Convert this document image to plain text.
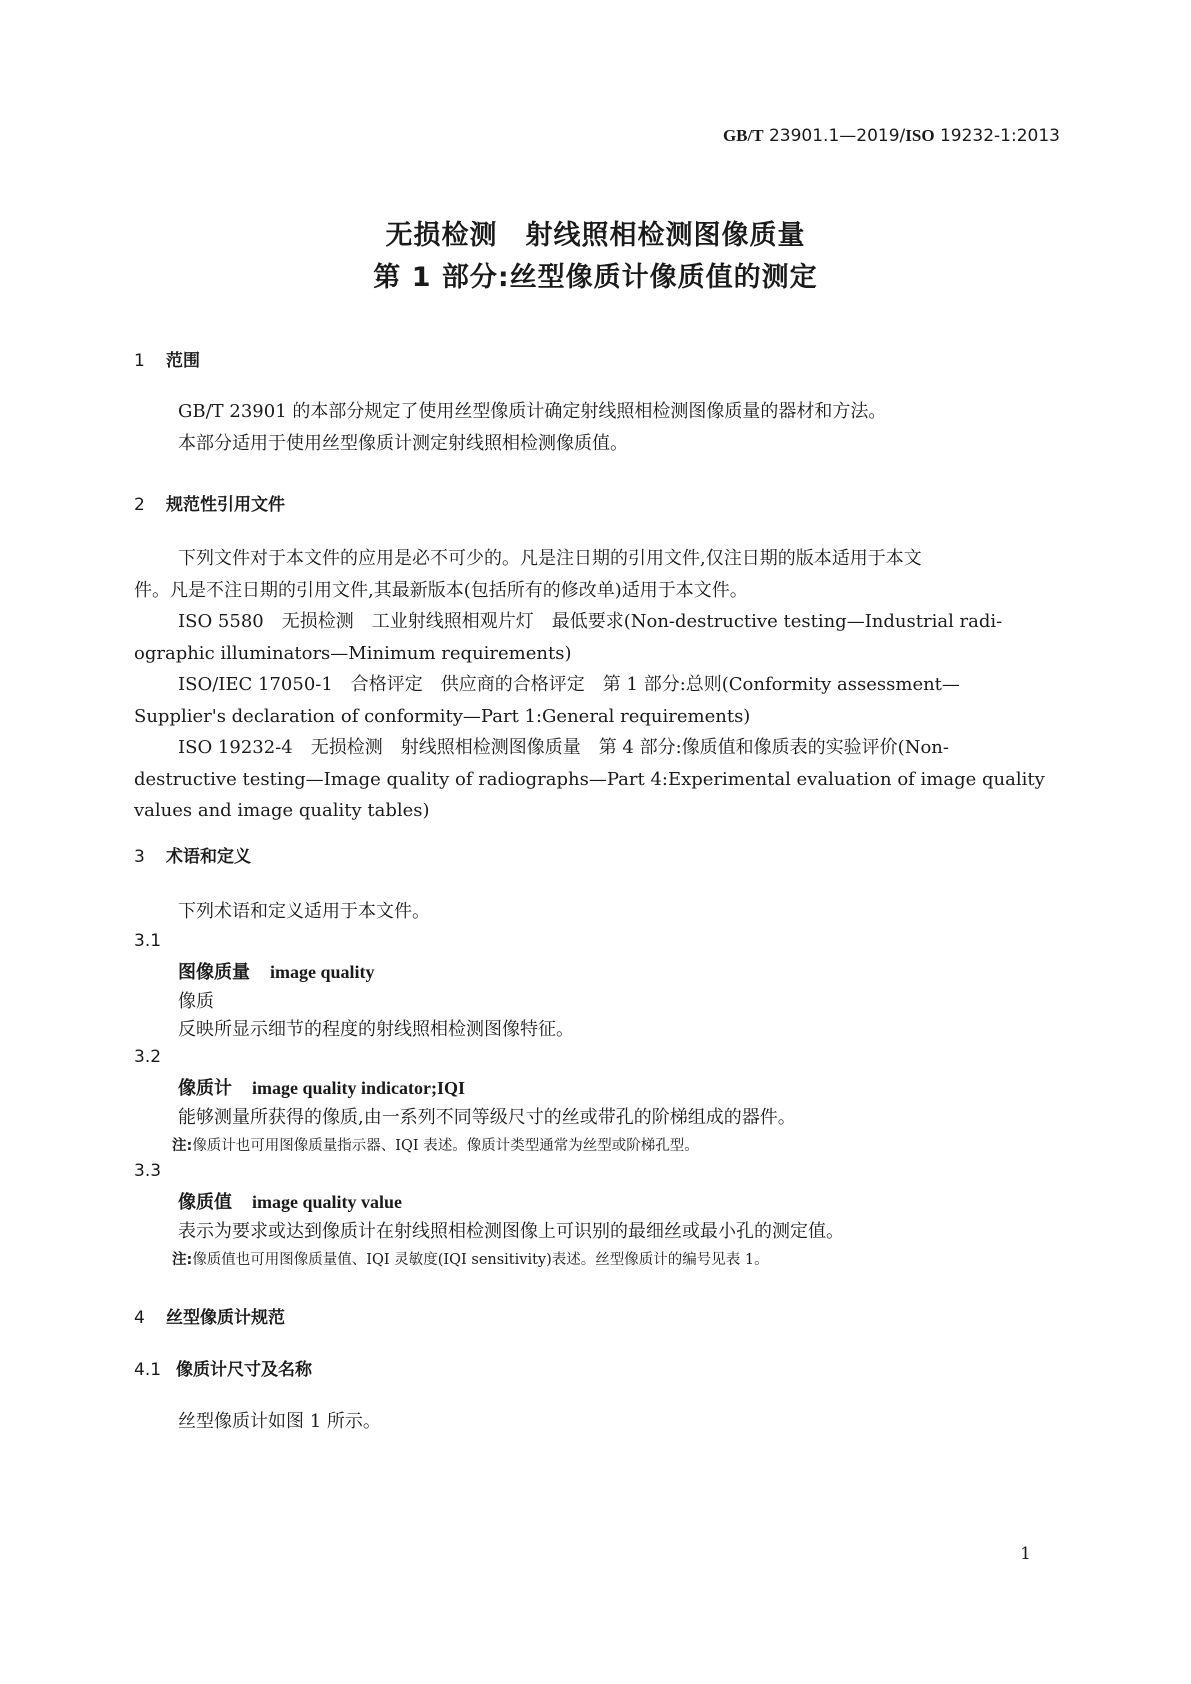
GB/T 23901.1—2019/ISO 19232-1:2013
无损检测　射线照相检测图像质量
第 1 部分:丝型像质计像质值的测定
1 范围
GB/T 23901 的本部分规定了使用丝型像质计确定射线照相检测图像质量的器材和方法。
本部分适用于使用丝型像质计测定射线照相检测像质值。
2 规范性引用文件
下列文件对于本文件的应用是必不可少的。凡是注日期的引用文件,仅注日期的版本适用于本文
件。凡是不注日期的引用文件,其最新版本(包括所有的修改单)适用于本文件。
ISO 5580　无损检测　工业射线照相观片灯　最低要求(Non-destructive testing—Industrial radi-
ographic illuminators—Minimum requirements)
ISO/IEC 17050-1　合格评定　供应商的合格评定　第 1 部分:总则(Conformity assessment—
Supplier's declaration of conformity—Part 1:General requirements)
ISO 19232-4　无损检测　射线照相检测图像质量　第 4 部分:像质值和像质表的实验评价(Non-
destructive testing—Image quality of radiographs—Part 4:Experimental evaluation of image quality
values and image quality tables)
3 术语和定义
下列术语和定义适用于本文件。
3.1
图像质量 image quality
像质
反映所显示细节的程度的射线照相检测图像特征。
3.2
像质计 image quality indicator;IQI
能够测量所获得的像质,由一系列不同等级尺寸的丝或带孔的阶梯组成的器件。
注:像质计也可用图像质量指示器、IQI 表述。像质计类型通常为丝型或阶梯孔型。
3.3
像质值 image quality value
表示为要求或达到像质计在射线照相检测图像上可识别的最细丝或最小孔的测定值。
注:像质值也可用图像质量值、IQI 灵敏度(IQI sensitivity)表述。丝型像质计的编号见表 1。
4 丝型像质计规范
4.1 像质计尺寸及名称
丝型像质计如图 1 所示。
1
